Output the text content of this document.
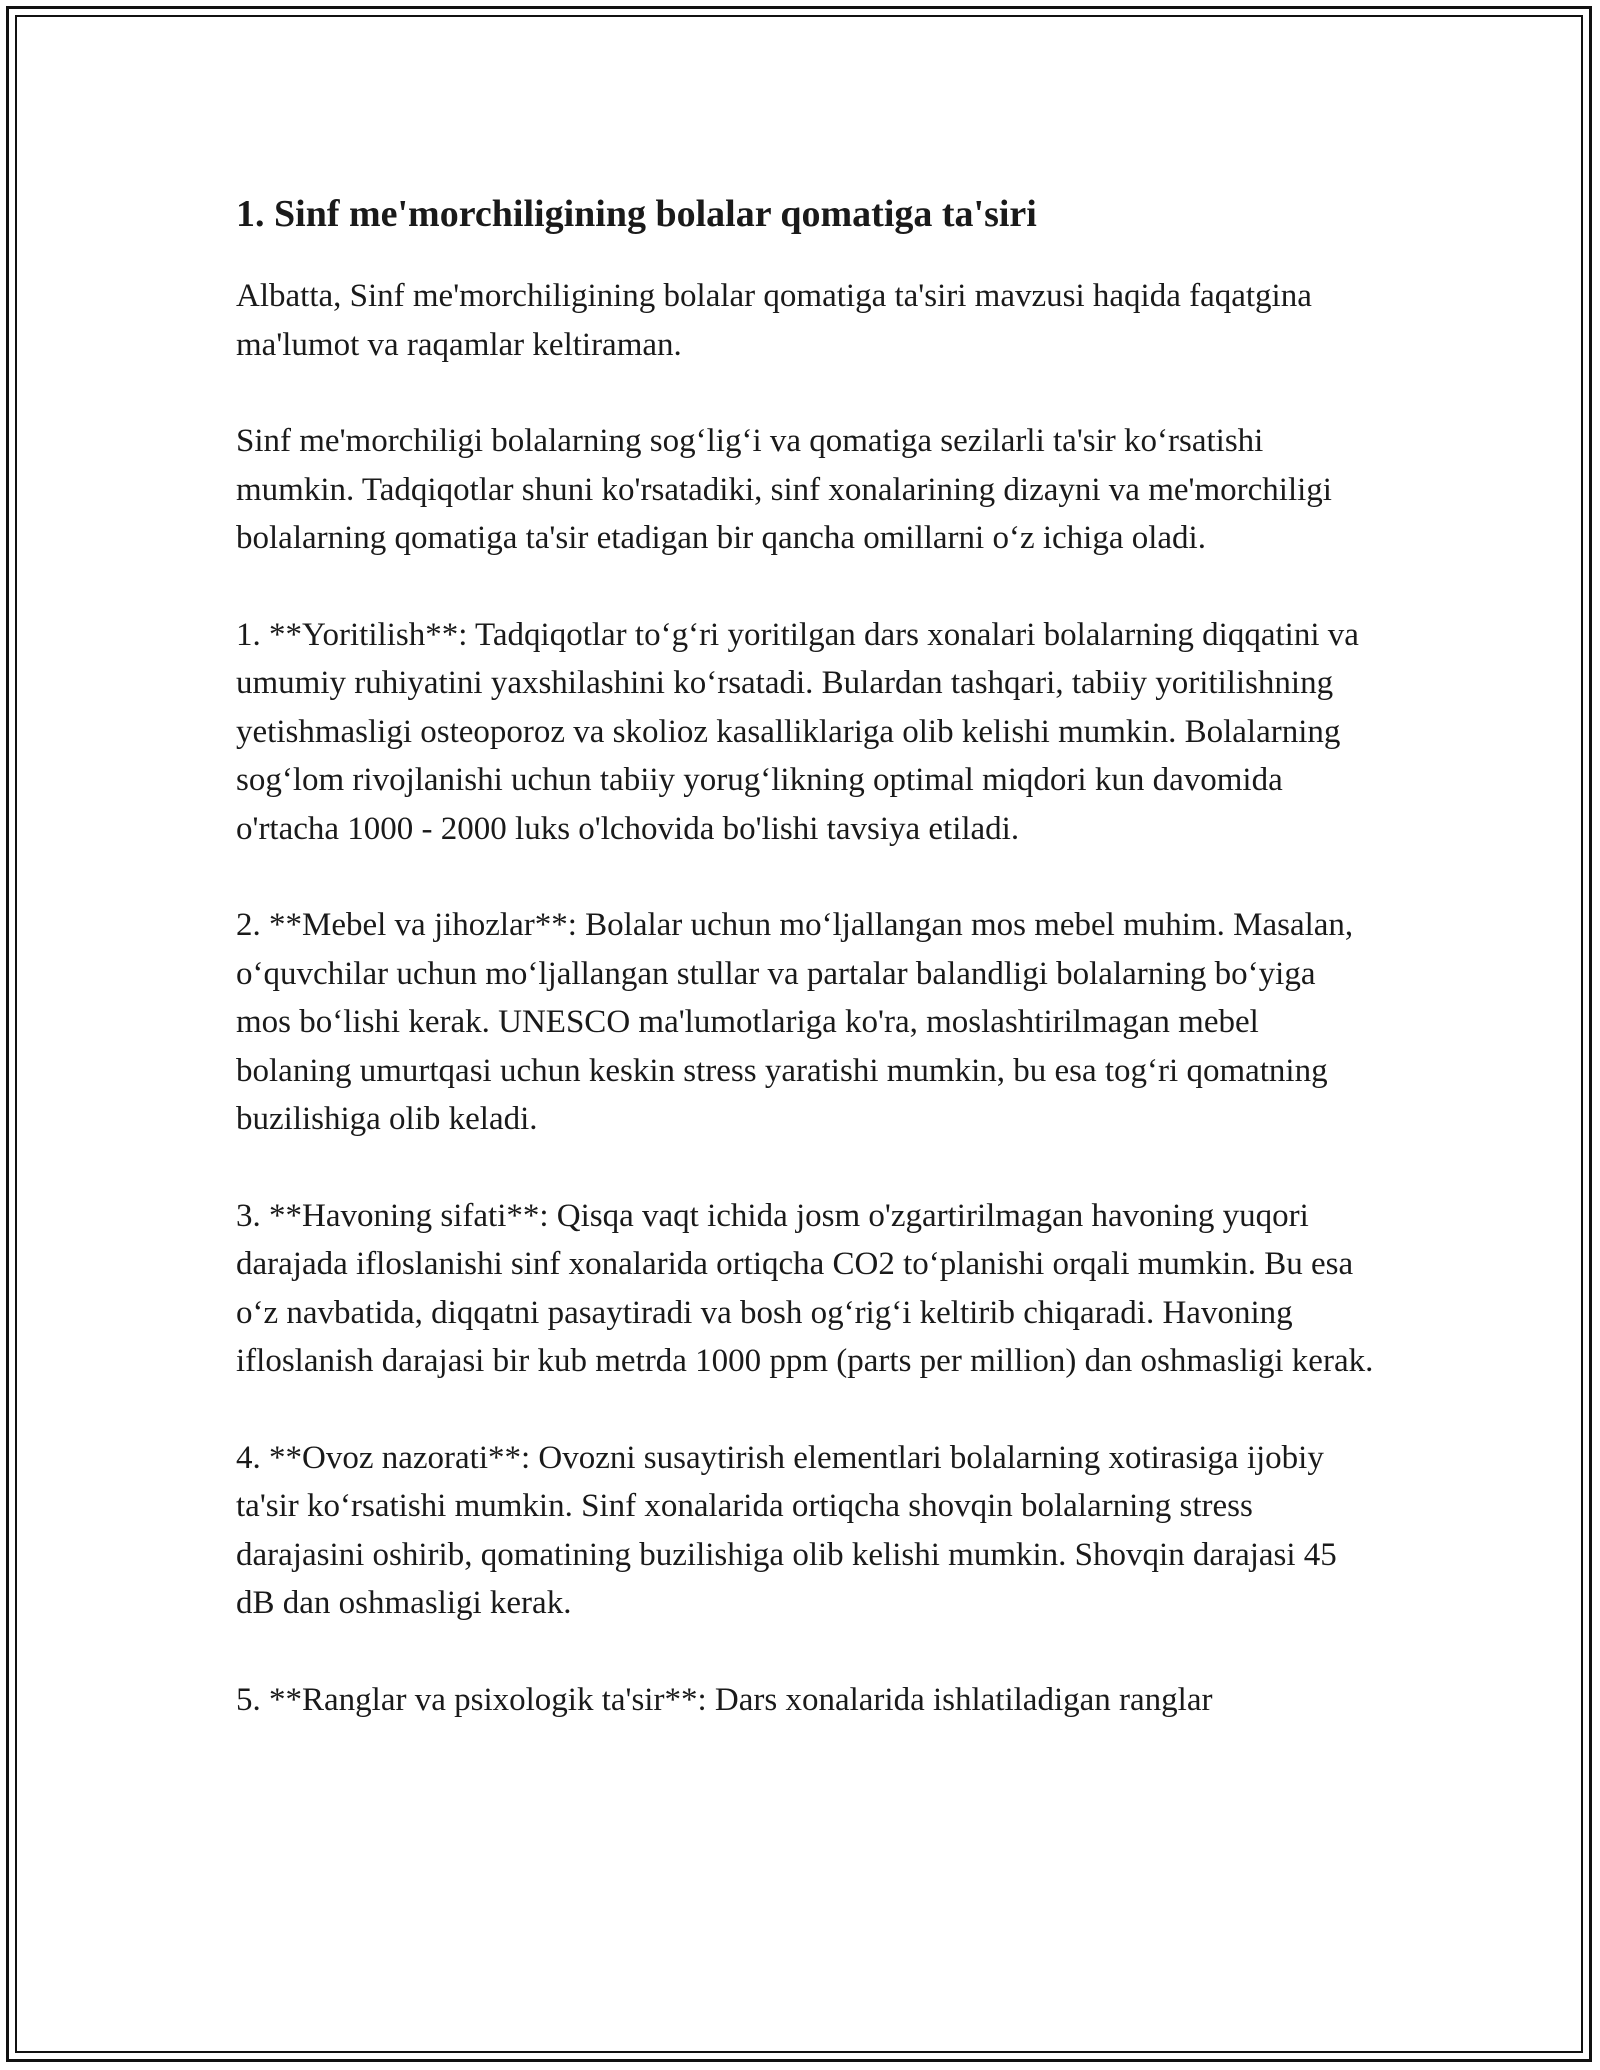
1. Sinf me'morchiligining bolalar qomatiga ta'siri

Albatta, Sinf me'morchiligining bolalar qomatiga ta'siri mavzusi haqida faqatgina ma'lumot va raqamlar keltiraman.

Sinf me'morchiligi bolalarning sog‘lig‘i va qomatiga sezilarli ta'sir ko‘rsatishi mumkin. Tadqiqotlar shuni ko'rsatadiki, sinf xonalarining dizayni va me'morchiligi bolalarning qomatiga ta'sir etadigan bir qancha omillarni o‘z ichiga oladi.

1. **Yoritilish**: Tadqiqotlar to‘g‘ri yoritilgan dars xonalari bolalarning diqqatini va umumiy ruhiyatini yaxshilashini ko‘rsatadi. Bulardan tashqari, tabiiy yoritilishning yetishmasligi osteoporoz va skolioz kasalliklariga olib kelishi mumkin. Bolalarning sog‘lom rivojlanishi uchun tabiiy yorug‘likning optimal miqdori kun davomida o'rtacha 1000 - 2000 luks o'lchovida bo'lishi tavsiya etiladi.

2. **Mebel va jihozlar**: Bolalar uchun mo‘ljallangan mos mebel muhim. Masalan, o‘quvchilar uchun mo‘ljallangan stullar va partalar balandligi bolalarning bo‘yiga mos bo‘lishi kerak. UNESCO ma'lumotlariga ko'ra, moslashtirilmagan mebel bolaning umurtqasi uchun keskin stress yaratishi mumkin, bu esa tog‘ri qomatning buzilishiga olib keladi.

3. **Havoning sifati**: Qisqa vaqt ichida josm o'zgartirilmagan havoning yuqori darajada ifloslanishi sinf xonalarida ortiqcha CO2 to‘planishi orqali mumkin. Bu esa o‘z navbatida, diqqatni pasaytiradi va bosh og‘rig‘i keltirib chiqaradi. Havoning ifloslanish darajasi bir kub metrda 1000 ppm (parts per million) dan oshmasligi kerak.

4. **Ovoz nazorati**: Ovozni susaytirish elementlari bolalarning xotirasiga ijobiy ta'sir ko‘rsatishi mumkin. Sinf xonalarida ortiqcha shovqin bolalarning stress darajasini oshirib, qomatining buzilishiga olib kelishi mumkin. Shovqin darajasi 45 dB dan oshmasligi kerak.

5. **Ranglar va psixologik ta'sir**: Dars xonalarida ishlatiladigan ranglar
